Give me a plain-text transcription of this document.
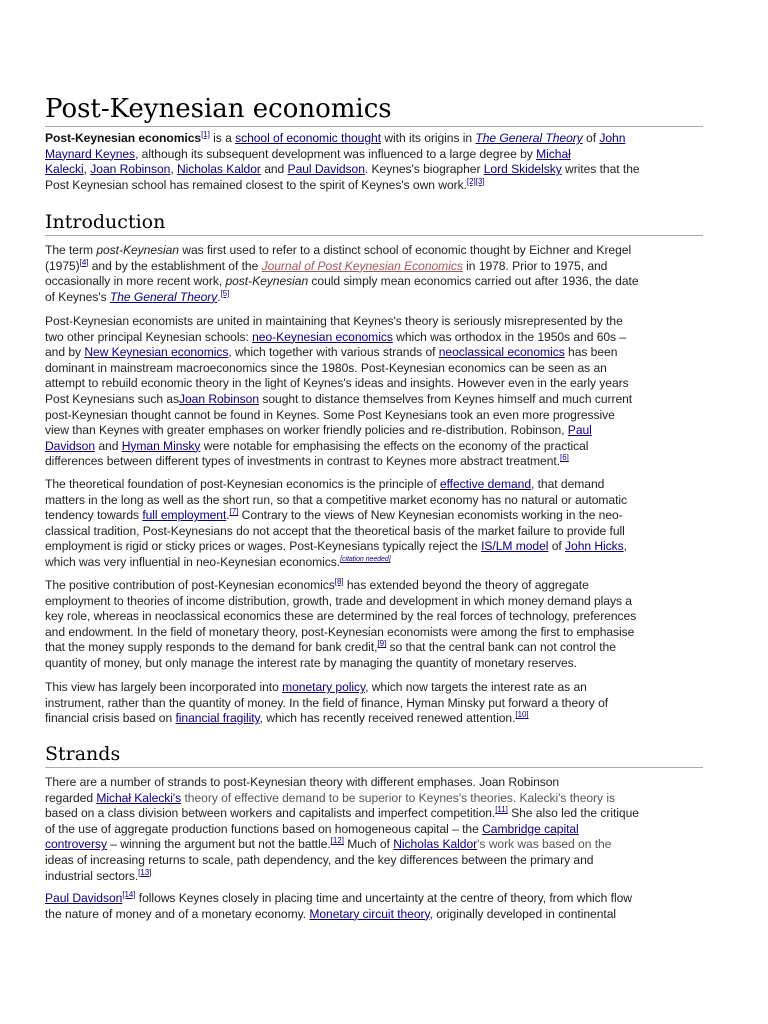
Post-Keynesian economics

Post-Keynesian economics[1] is a school of economic thought with its origins in The General Theory of John
Maynard Keynes, although its subsequent development was influenced to a large degree by Michał
Kalecki, Joan Robinson, Nicholas Kaldor and Paul Davidson. Keynes's biographer Lord Skidelsky writes that the
Post Keynesian school has remained closest to the spirit of Keynes's own work.[2][3]

Introduction

The term post-Keynesian was first used to refer to a distinct school of economic thought by Eichner and Kregel
(1975)[4] and by the establishment of the Journal of Post Keynesian Economics in 1978. Prior to 1975, and
occasionally in more recent work, post-Keynesian could simply mean economics carried out after 1936, the date
of Keynes's The General Theory.[5]

Post-Keynesian economists are united in maintaining that Keynes's theory is seriously misrepresented by the
two other principal Keynesian schools: neo-Keynesian economics which was orthodox in the 1950s and 60s –
and by New Keynesian economics, which together with various strands of neoclassical economics has been
dominant in mainstream macroeconomics since the 1980s. Post-Keynesian economics can be seen as an
attempt to rebuild economic theory in the light of Keynes's ideas and insights. However even in the early years
Post Keynesians such asJoan Robinson sought to distance themselves from Keynes himself and much current
post-Keynesian thought cannot be found in Keynes. Some Post Keynesians took an even more progressive
view than Keynes with greater emphases on worker friendly policies and re-distribution. Robinson, Paul
Davidson and Hyman Minsky were notable for emphasising the effects on the economy of the practical
differences between different types of investments in contrast to Keynes more abstract treatment.[6]

The theoretical foundation of post-Keynesian economics is the principle of effective demand, that demand
matters in the long as well as the short run, so that a competitive market economy has no natural or automatic
tendency towards full employment.[7] Contrary to the views of New Keynesian economists working in the neo-
classical tradition, Post-Keynesians do not accept that the theoretical basis of the market failure to provide full
employment is rigid or sticky prices or wages. Post-Keynesians typically reject the IS/LM model of John Hicks,
which was very influential in neo-Keynesian economics.[citation needed]

The positive contribution of post-Keynesian economics[8] has extended beyond the theory of aggregate
employment to theories of income distribution, growth, trade and development in which money demand plays a
key role, whereas in neoclassical economics these are determined by the real forces of technology, preferences
and endowment. In the field of monetary theory, post-Keynesian economists were among the first to emphasise
that the money supply responds to the demand for bank credit,[9] so that the central bank can not control the
quantity of money, but only manage the interest rate by managing the quantity of monetary reserves.

This view has largely been incorporated into monetary policy, which now targets the interest rate as an
instrument, rather than the quantity of money. In the field of finance, Hyman Minsky put forward a theory of
financial crisis based on financial fragility, which has recently received renewed attention.[10]

Strands

There are a number of strands to post-Keynesian theory with different emphases. Joan Robinson
regarded Michał Kalecki's theory of effective demand to be superior to Keynes's theories. Kalecki's theory is
based on a class division between workers and capitalists and imperfect competition.[11] She also led the critique
of the use of aggregate production functions based on homogeneous capital – the Cambridge capital
controversy – winning the argument but not the battle.[12] Much of Nicholas Kaldor's work was based on the
ideas of increasing returns to scale, path dependency, and the key differences between the primary and
industrial sectors.[13]

Paul Davidson[14] follows Keynes closely in placing time and uncertainty at the centre of theory, from which flow
the nature of money and of a monetary economy. Monetary circuit theory, originally developed in continental
